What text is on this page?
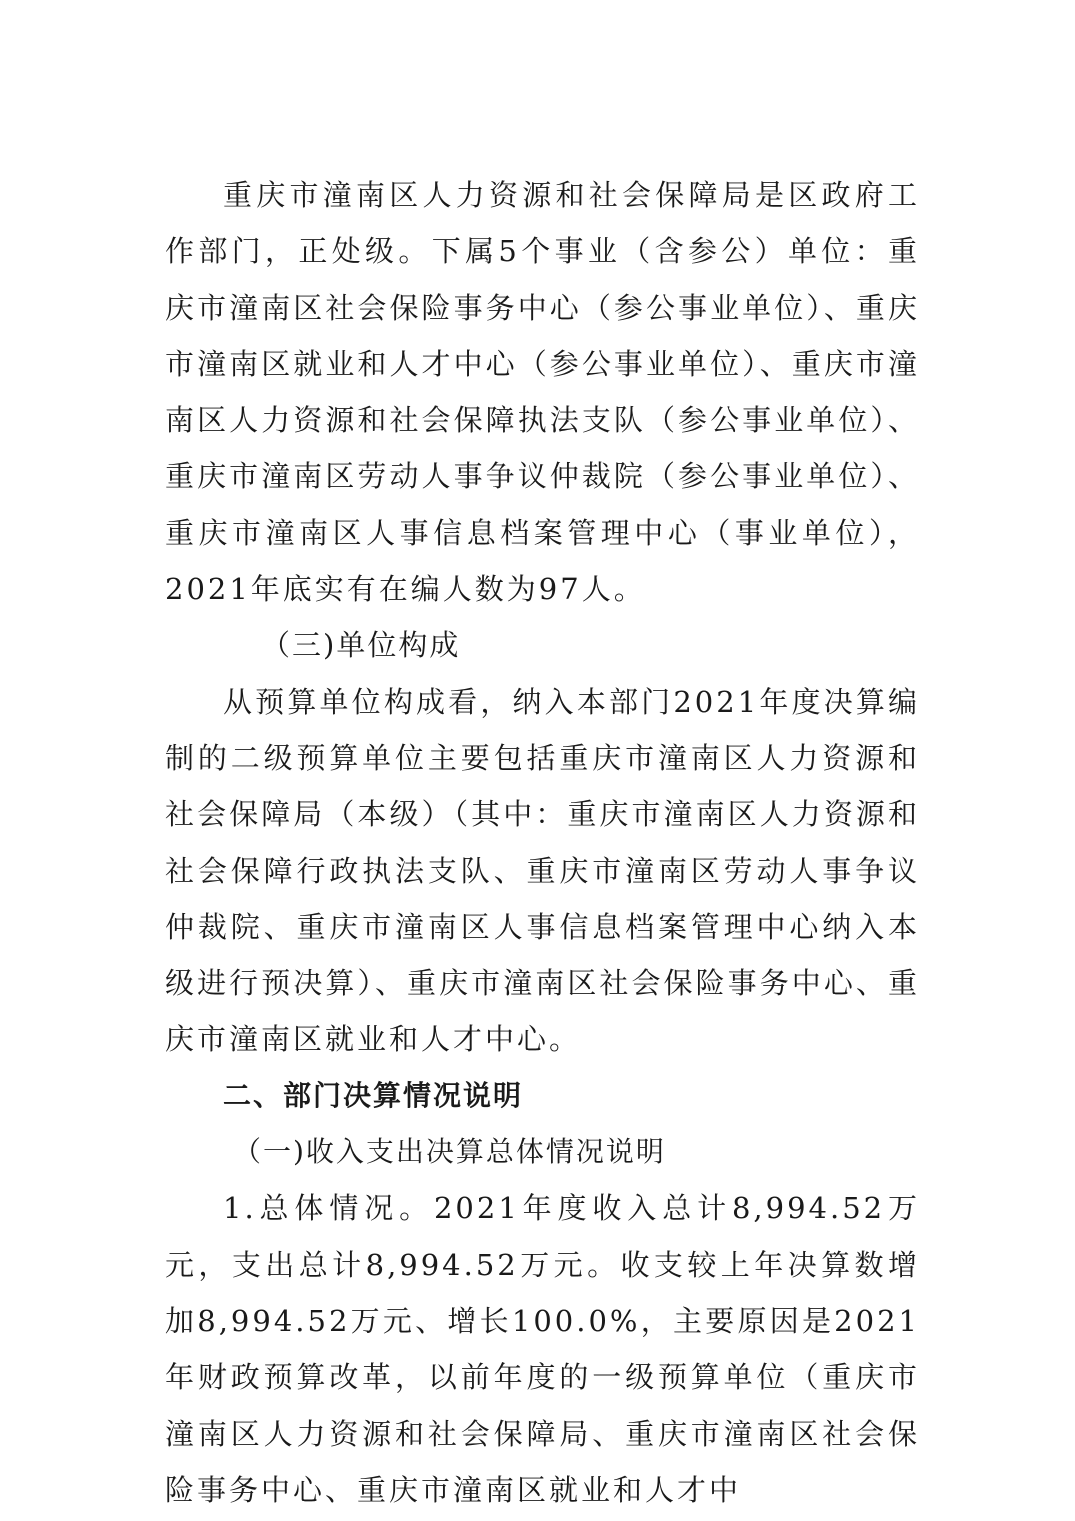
重庆市潼南区人力资源和社会保障局是区政府工作部门，正处级。下属5个事业（含参公）单位：重庆市潼南区社会保险事务中心（参公事业单位）、重庆市潼南区就业和人才中心（参公事业单位）、重庆市潼南区人力资源和社会保障执法支队（参公事业单位）、重庆市潼南区劳动人事争议仲裁院（参公事业单位）、重庆市潼南区人事信息档案管理中心（事业单位），2021年底实有在编人数为97人。

（三)单位构成

从预算单位构成看，纳入本部门2021年度决算编制的二级预算单位主要包括重庆市潼南区人力资源和社会保障局（本级）（其中：重庆市潼南区人力资源和社会保障行政执法支队、重庆市潼南区劳动人事争议仲裁院、重庆市潼南区人事信息档案管理中心纳入本级进行预决算）、重庆市潼南区社会保险事务中心、重庆市潼南区就业和人才中心。

二、部门决算情况说明

（一)收入支出决算总体情况说明

1.总体情况。2021年度收入总计8,994.52万元，支出总计8,994.52万元。收支较上年决算数增加8,994.52万元、增长100.0%，主要原因是2021年财政预算改革，以前年度的一级预算单位（重庆市潼南区人力资源和社会保障局、重庆市潼南区社会保险事务中心、重庆市潼南区就业和人才中
